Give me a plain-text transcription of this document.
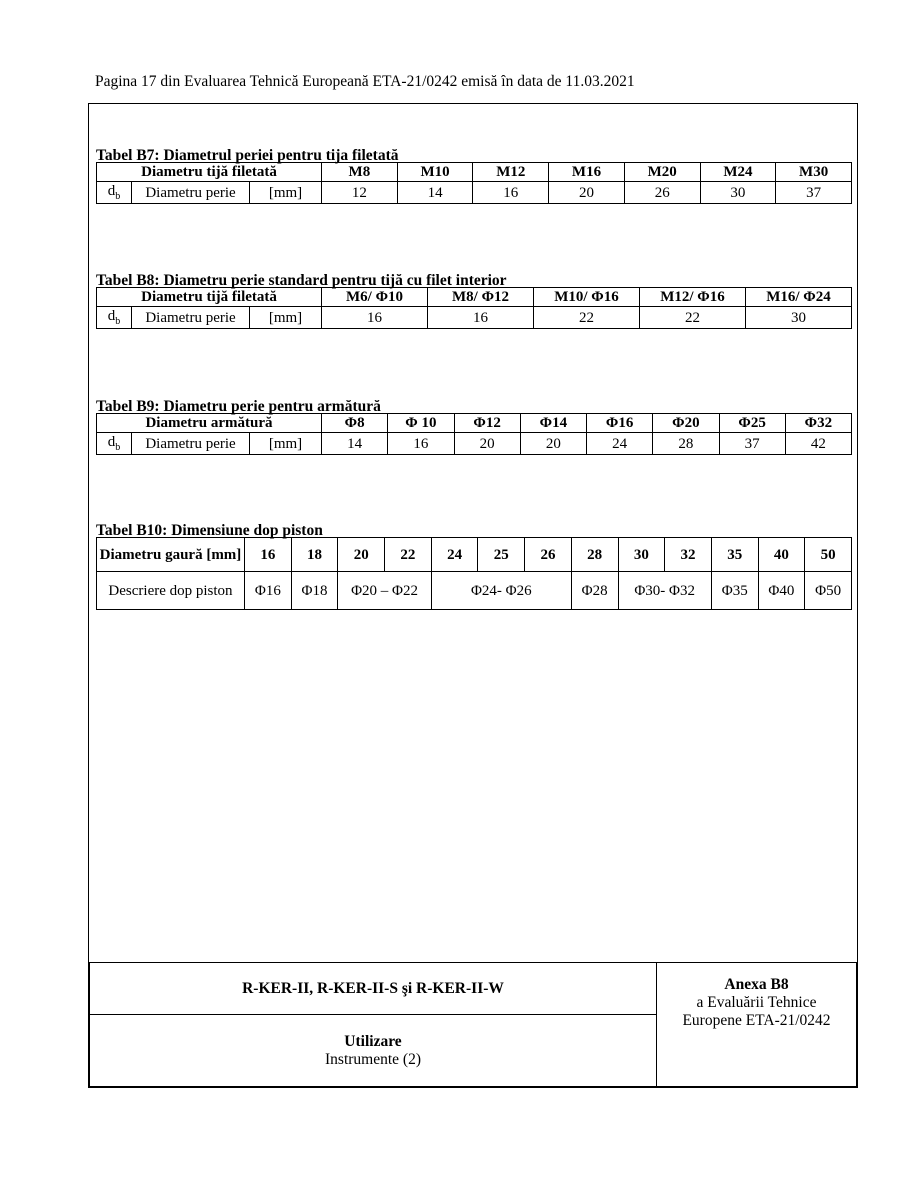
Pagina 17 din Evaluarea Tehnică Europeană ETA-21/0242 emisă în data de 11.03.2021
Tabel B7: Diametrul periei pentru tija filetată
Diametru tijă filetată			M8	M10	M12	M16	M20	M24	M30
$d_b$	Diametru perie	[mm]	12	14	16	20	26	30	37
Tabel B8: Diametru perie standard pentru tijă cu filet interior
Diametru tijă filetată			M6/ Φ10	M8/ Φ12	M10/ Φ16	M12/ Φ16	M16/ Φ24
$d_b$	Diametru perie	[mm]	16	16	22	22	30
Tabel B9: Diametru perie pentru armătură
Diametru armătură			Φ8	Φ 10	Φ12	Φ14	Φ16	Φ20	Φ25	Φ32
$d_b$	Diametru perie	[mm]	14	16	20	20	24	28	37	42
Tabel B10: Dimensiune dop piston
Diametru gaură [mm]	16	18	20	22	24	25	26	28	30	32	35	40	50
Descriere dop piston	Φ16	Φ18	Φ20 – Φ22		Φ24- Φ26			Φ28	Φ30- Φ32		Φ35	Φ40	Φ50
R-KER-II, R-KER-II-S şi R-KER-II-W	Anexa B8
a Evaluării Tehnice Europene ETA-21/0242

Utilizare
Instrumente (2)
